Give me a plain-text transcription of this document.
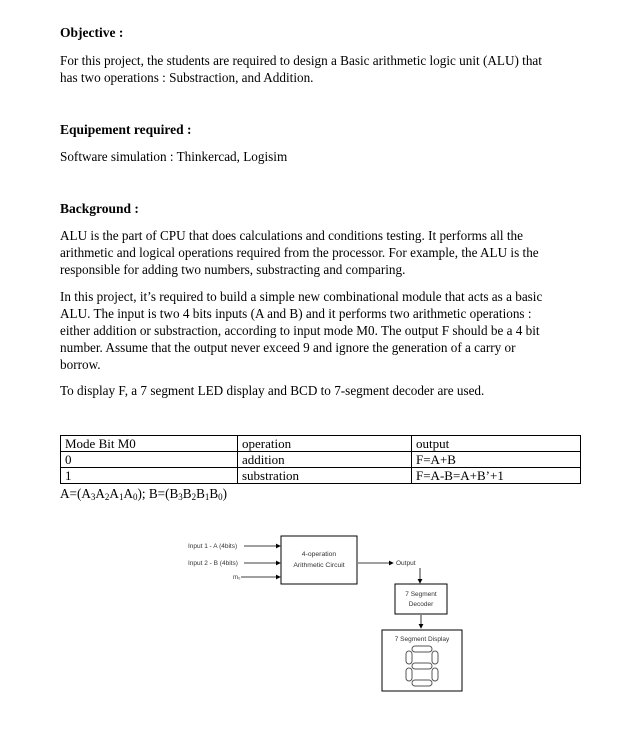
Objective :
For this project, the students are required to design a Basic arithmetic logic unit (ALU) that
has two operations : Substraction, and Addition.
Equipement required :
Software simulation : Thinkercad, Logisim
Background :
ALU is the part of CPU that does calculations and conditions testing. It performs all the
arithmetic and logical operations required from the processor. For example, the ALU is the
responsible for adding two numbers, substracting and comparing.
In this project, it’s required to build a simple new combinational module that acts as a basic
ALU. The input is two 4 bits inputs (A and B) and it performs two arithmetic operations :
either addition or substraction, according to input mode M0. The output F should be a 4 bit
number. Assume that the output never exceed 9 and ignore the generation of a carry or
borrow.
To display F, a 7 segment LED display and BCD to 7-segment decoder are used.
Mode Bit M0	operation	output
0	addition	F=A+B
1	substration	F=A-B=A+B’+1
$A=(A_3A_2A_1A_0)$; $B=(B_3B_2B_1B_0)$
Input 1 - A (4bits)
Input 2 - B (4bits)
m₀
4-operation
Arithmetic Circuit	Output
7 Segment
Decoder
7 Segment Display
